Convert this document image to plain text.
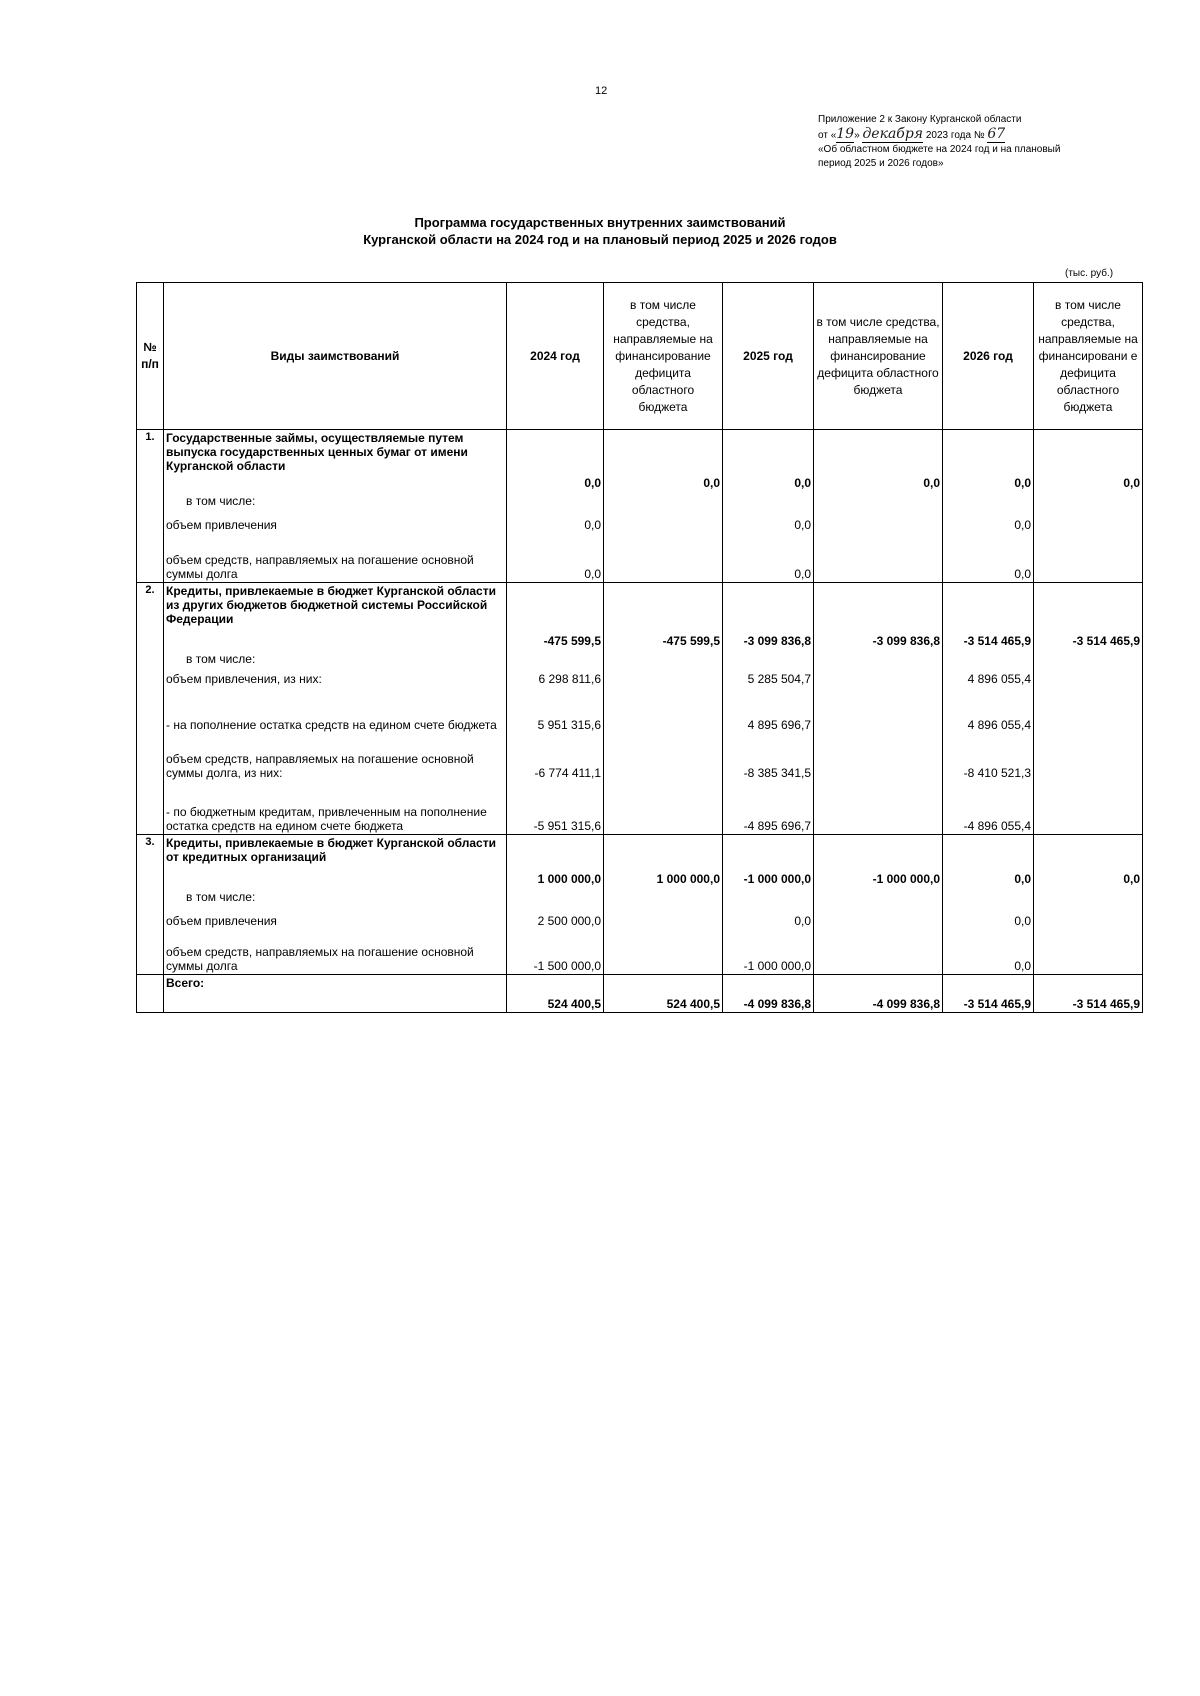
12
Приложение 2 к Закону Курганской области
от «19» декабря 2023 года № 67
«Об областном бюджете на 2024 год и на плановый
период 2025 и 2026 годов»
Программа государственных внутренних заимствований
Курганской области на 2024 год и на плановый период 2025 и 2026 годов
(тыс. руб.)
№ п/п	Виды заимствований	2024 год	в том числе средства, направляемые на финансирование дефицита областного бюджета	2025 год	в том числе средства, направляемые на финансирование дефицита областного бюджета	2026 год	в том числе средства, направляемые на финансировани е дефицита областного бюджета
1.	Государственные займы, осуществляемые путем выпуска государственных ценных бумаг от имени Курганской области	0,0	0,0	0,0	0,0	0,0	0,0
	в том числе:						
	объем привлечения	0,0		0,0		0,0	
	объем средств, направляемых на погашение основной суммы долга	0,0		0,0		0,0	
2.	Кредиты, привлекаемые в бюджет Курганской области из других бюджетов бюджетной системы Российской Федерации	-475 599,5	-475 599,5	-3 099 836,8	-3 099 836,8	-3 514 465,9	-3 514 465,9
	в том числе:						
	объем привлечения, из них:	6 298 811,6		5 285 504,7		4 896 055,4	
	- на пополнение остатка средств на едином счете бюджета	5 951 315,6		4 895 696,7		4 896 055,4	
	объем средств, направляемых на погашение основной суммы долга, из них:	-6 774 411,1		-8 385 341,5		-8 410 521,3	
	- по бюджетным кредитам, привлеченным на пополнение остатка средств на едином счете бюджета	-5 951 315,6		-4 895 696,7		-4 896 055,4	
3.	Кредиты, привлекаемые в бюджет Курганской области от кредитных организаций	1 000 000,0	1 000 000,0	-1 000 000,0	-1 000 000,0	0,0	0,0
	в том числе:						
	объем привлечения	2 500 000,0		0,0		0,0	
	объем средств, направляемых на погашение основной суммы долга	-1 500 000,0		-1 000 000,0		0,0	
	Всего:	524 400,5	524 400,5	-4 099 836,8	-4 099 836,8	-3 514 465,9	-3 514 465,9
